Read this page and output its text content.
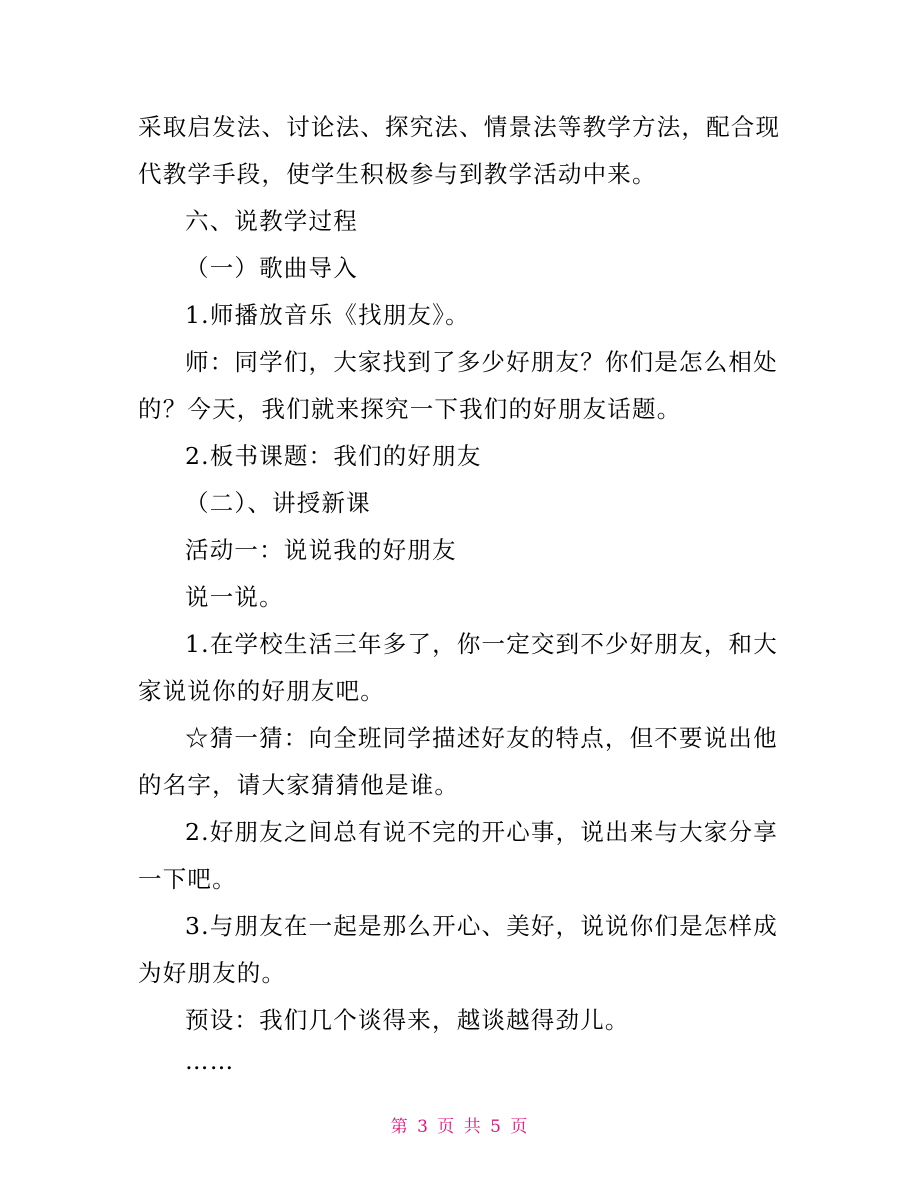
采取启发法、讨论法、探究法、情景法等教学方法，配合现代教学手段，使学生积极参与到教学活动中来。

六、说教学过程

（一）歌曲导入

1.师播放音乐《找朋友》。

师：同学们，大家找到了多少好朋友？你们是怎么相处的？今天，我们就来探究一下我们的好朋友话题。

2.板书课题：我们的好朋友

（二）、讲授新课

活动一：说说我的好朋友

说一说。

1.在学校生活三年多了，你一定交到不少好朋友，和大家说说你的好朋友吧。

☆猜一猜：向全班同学描述好友的特点，但不要说出他的名字，请大家猜猜他是谁。

2.好朋友之间总有说不完的开心事，说出来与大家分享一下吧。

3.与朋友在一起是那么开心、美好，说说你们是怎样成为好朋友的。

预设：我们几个谈得来，越谈越得劲儿。

……

第 3 页 共 5 页
